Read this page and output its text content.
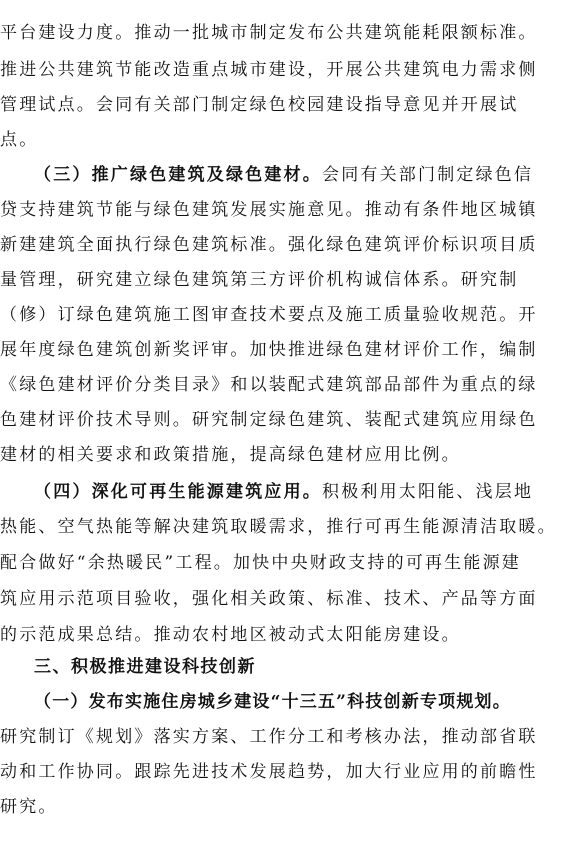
平台建设力度。推动一批城市制定发布公共建筑能耗限额标准。
推进公共建筑节能改造重点城市建设，开展公共建筑电力需求侧
管理试点。会同有关部门制定绿色校园建设指导意见并开展试
点。
（三）推广绿色建筑及绿色建材。会同有关部门制定绿色信
贷支持建筑节能与绿色建筑发展实施意见。推动有条件地区城镇
新建建筑全面执行绿色建筑标准。强化绿色建筑评价标识项目质
量管理，研究建立绿色建筑第三方评价机构诚信体系。研究制
（修）订绿色建筑施工图审查技术要点及施工质量验收规范。开
展年度绿色建筑创新奖评审。加快推进绿色建材评价工作，编制
《绿色建材评价分类目录》和以装配式建筑部品部件为重点的绿
色建材评价技术导则。研究制定绿色建筑、装配式建筑应用绿色
建材的相关要求和政策措施，提高绿色建材应用比例。
（四）深化可再生能源建筑应用。积极利用太阳能、浅层地
热能、空气热能等解决建筑取暖需求，推行可再生能源清洁取暖。
配合做好“余热暖民”工程。加快中央财政支持的可再生能源建
筑应用示范项目验收，强化相关政策、标准、技术、产品等方面
的示范成果总结。推动农村地区被动式太阳能房建设。
三、积极推进建设科技创新
（一）发布实施住房城乡建设“十三五”科技创新专项规划。
研究制订《规划》落实方案、工作分工和考核办法，推动部省联
动和工作协同。跟踪先进技术发展趋势，加大行业应用的前瞻性
研究。
